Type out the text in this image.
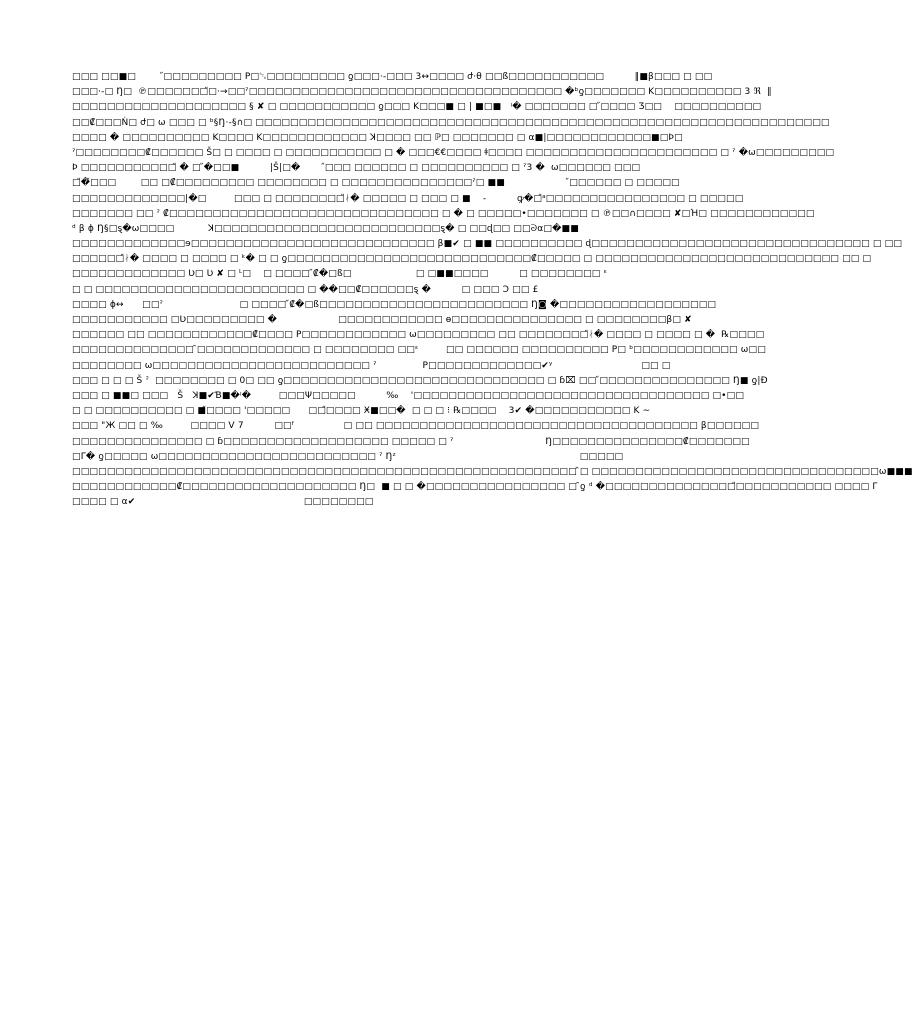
□□□ □□■□         ̋□□□□□□□□□ P□␂□□□□□□□□□ ƍ□□□·-□□□ 3↔□□□□ ժ·θ □□ß□□□□□□□□□□□          ‖■β□□□ □ □□
□□□·-□ Ŋ□  ℗□□□□□□□̋□·→□□ˀ□□□□□□□□□□□□□□□□□□□□□□□□□□□□□□□□□□□□ �ᵇƍ□□□□□□□ K□□□□□□□□□□ 3 ℜ  ‖
□□□□□□□□□□□□□□□□□□□□ § ✘ □ □□□□□□□□□□□ ƍ□□□ K□□□■ □ | ■□■   ᵎ� □□□□□□□ □ ̋□□□□ Ʒ□□    □□□□□□□□□□
□□₡□□□Ń□ ժ□ ω □□□ □ ᵇ§Ŋ·-§∩□ □□□□□□□□□□□□□□□□□□□□□□□□□□□□□□□□□□□□□□□□□□□□□□□□□□□□□□□□□□□□□□□□□□
□□□□ � □□□□□□□□□□ K□□□□ K□□□□□□□□□□□□ ꓘ□□□□ □□ ℙ□ □□□□□□□ □ α■|□□□□□□□□□□□□■□Þ□
ˀ□□□□□□□□₡□□□□□□ Š□ □ □□□□ □ □□□□□□□□□□□ □ � □□□€€□□□□ ꬸ□□□□ □□□□□□□□□□□□□□□□□□□□□□ □ ˀ �ω□□□□□□□□□
Þ □□□□□□□□□□□̋ � □ ̋�□□■          |Š|□�        ̋□□□ □□□□□□ □ □□□□□□□□□□ □ ˀ3 �  ω□□□□□□ □□□
□̋�̋□□□        □□ □₡□□□□□□□□□ □□□□□□□□ □ □□□□□□□□□□□□□□□ˀ□ ■■                     ̋□□□□□□ □ □□□□□
□□□□□□□□□□□□□|�□         □□□ □ □□□□□□□□̋ᛅ� □□□□□ □ □□□ □ ■    -          ꝙ�□̋ᵃ□□□□□□□□□□□□□□□□ □ □□□□□
□□□□□□□ □□ ˀ ₡□□□□□□□□□□□□□□□□□□□□□□□□□□□□□□□ □ � □ □□□□□•□□□□□□□ □ ℗□□∩□□□□ ✘□Ή□ □□□□□□□□□□□□
ᵈ β ɸ Ŋ§□ȿ�ω□□□□           ꓘ□□□□□□□□□□□□□□□□□□□□□□□□□□ȿ� □ □□ɖ□□ □□ᘐα□�■■
□□□□□□□□□□□□□ɘ□□□□□□□□□□□□□□□□□□□□□□□□□□□□ β■✔ □ ■■ □□□□□□□□□□ ɖ□□□□□□□□□□□□□□□□□□□□□□□□□□□□□□□□ □ □□
□□□□□□̋ᛅ� □□□□ □ □□□□ □ ᵏ� □ □ ƍ□□□□□□□□□□□□□□□□□□□□□□□□□□□□₡□□□□□ □ □□□□□□□□□□□□□□□□□□□□□□□□□□□□ □□ □
□□□□□□□□□□□□□ Ʋ□ Ʋ ✘ □ ᴸ□    □ □□□□ ̋₡�□ß□                     □ □■■□□□□          □ □□□□□□□□ ᵋ
□ □ □□□□□□□□□□□□□□□□□□□□□□□□ □ ��□□₡□□□□□□ȿ �          □ □□□ Ɔ □□ £
□□□□ ɸ↔      □□ˀ                         □ □□□□ ̋₡�□ß□□□□□□□□□□□□□□□□□□□□□□□□ Ŋ◙ �□□□□□□□□□□□□□□□□□□
□□□□□□□□□□□ □Ʋ□□□□□□□□□ �                    □□□□□□□□□□□□ ɵ□□□□□□□□□□□□□□□ □ □□□□□□□□β□ ✘
□□□□□□ □□ □□□□□□□□□□□□₡□□□□ P□□□□□□□□□□□□ ω□□□□□□□□□ □□ □□□□□□□□̋ᛅ� □□□□ □ □□□□ □ �  ℞□□□□
□□□□□□□□□□□□□□ ̑□□□□□□□□□□□□□ □ □□□□□□□□ □□ᵋ         □□ □□□□□□ □□□□□□□□□□ P□ ᵇ□□□□□□□□□□□□ ω□□
□□□□□□□□ ω□□□□□□□□□□□□□□□□□□□□□□□□□ ˀ               P□□□□□□□□□□□□□✔ʸ                             □□ □
□□□ □ □ □ Š ˀ  □□□□□□□□ □ 0□ □□ ƍ□□□□□□□□□□□□□□□□□□□□□□□□□□□□□□ □ ɓ⌧ □□ ̋□□□□□□□□□□□□□□□ Ŋ■ ƍ|Ɖ
□□□ □ ■■□ □□□   Š   ꓘ■✔Ɓ■�ᵎ�         □□□Ψ□□□□□          ‰    '□□□□□□□□□□□□□□□□□□□□□□□□□□□□□□□□□□ □•□□
□ □ □□□□□□□□□□ □ ■̋□□□□ '□□□□□      □□̋□□□□ Ӿ■□□�  □ □ □ ⁝ ℞□□□□    3✔ �□□□□□□□□□□□ K ∼
□□□ "Ж □□ □ ‰         □□□□ V 7          □□ᶠ                □ □□ □□□□□□□□□□□□□□□□□□□□□□□□□□□□□□□□□□□□□ β□□□□□□
□□□□□□□□□□□□□□□ □ ɓ□□□□□□□□□□□□□□□□□□□ □□□□□ □ ˀ                              Ŋ□□□□□□□□□□□□□□□₡□□□□□□□
□Γ� ƍ□□□□□ ω□□□□□□□□□□□□□□□□□□□□□□□□□ ˀ Ŋᶻ                                                            □□□□□
□□□□□□□□□□□□□□□□□□□□□□□□□□□□□□□□□□□□□□□□□□□□□□□□□□□□□□□□□□ ̏□ □□□□□□□□□□□□□□□□□□□□□□□□□□□□□□□□□ω■■■
□□□□□□□□□□□□₡□□□□□□□□□□□□□□□□□□□□ Ŋ□  ■ □ □ �□□□□□□□□□□□□□□□□ □ ̑ƍ ᵈ �□□□□□□□□□□□□□□□̋□□□□□□□□□□□ □□□□ Γ
□□□□ □ α✔                                                       □□□□□□□□
